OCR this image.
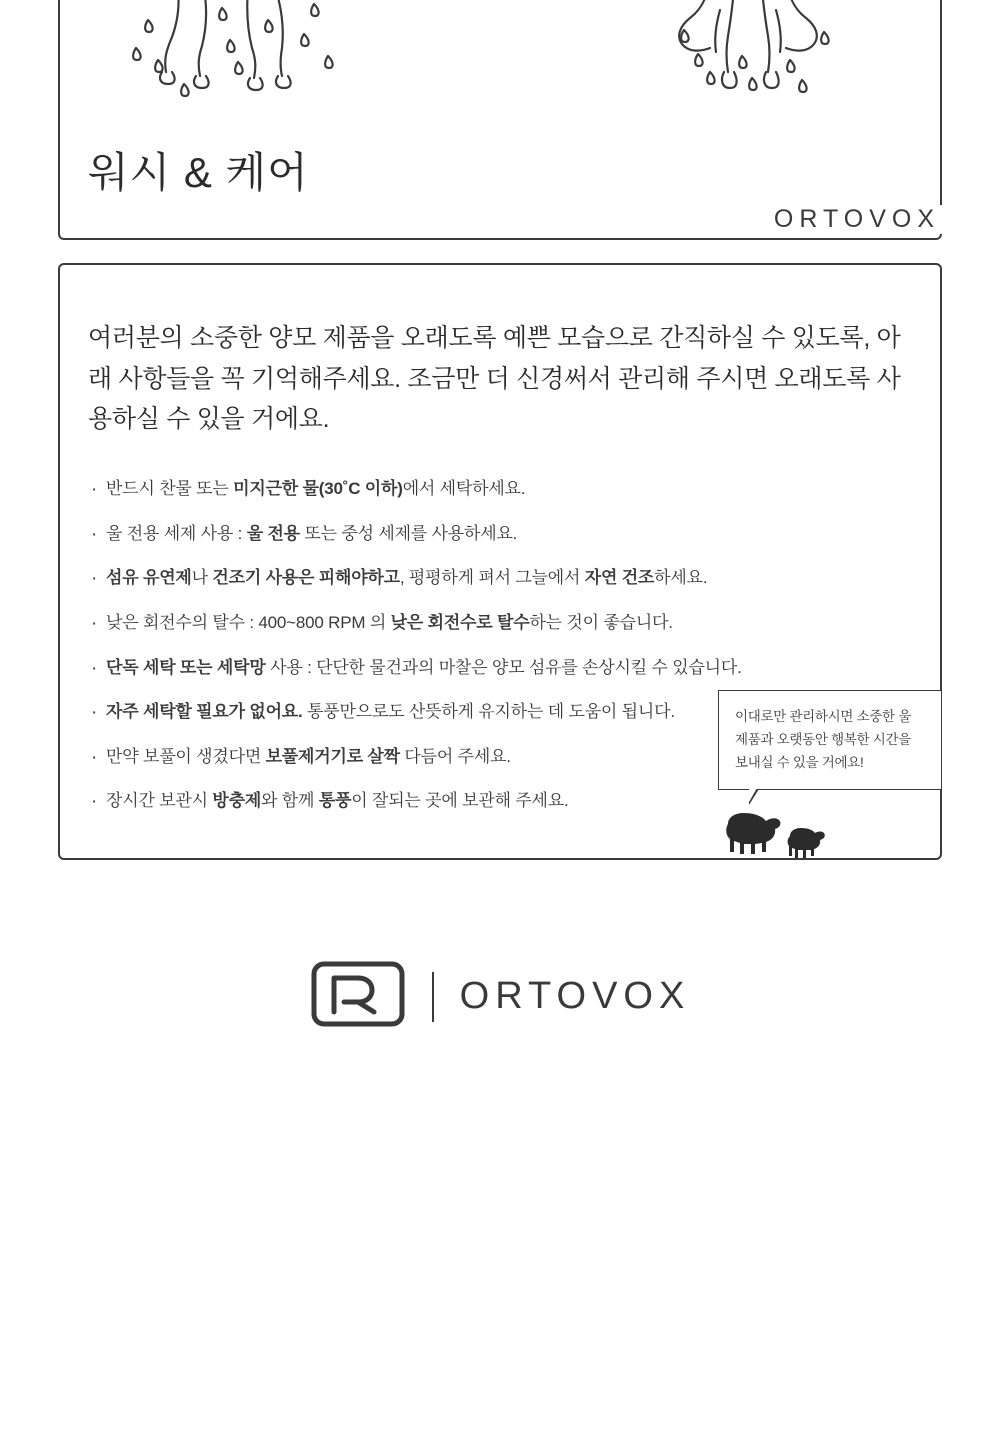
워시 & 케어
ORTOVOX

여러분의 소중한 양모 제품을 오래도록 예쁜 모습으로 간직하실 수 있도록, 아래 사항들을 꼭 기억해주세요. 조금만 더 신경써서 관리해 주시면 오래도록 사용하실 수 있을 거에요.

· 반드시 찬물 또는 미지근한 물(30˚C 이하)에서 세탁하세요.
· 울 전용 세제 사용 : 울 전용 또는 중성 세제를 사용하세요.
· 섬유 유연제나 건조기 사용은 피해야하고, 평평하게 펴서 그늘에서 자연 건조하세요.
· 낮은 회전수의 탈수 : 400~800 RPM 의 낮은 회전수로 탈수하는 것이 좋습니다.
· 단독 세탁 또는 세탁망 사용 : 단단한 물건과의 마찰은 양모 섬유를 손상시킬 수 있습니다.
· 자주 세탁할 필요가 없어요. 통풍만으로도 산뜻하게 유지하는 데 도움이 됩니다.
· 만약 보풀이 생겼다면 보풀제거기로 살짝 다듬어 주세요.
· 장시간 보관시 방충제와 함께 통풍이 잘되는 곳에 보관해 주세요.
이대로만 관리하시면 소중한 울 제품과 오랫동안 행복한 시간을 보내실 수 있을 거에요!
ORTOVOX
